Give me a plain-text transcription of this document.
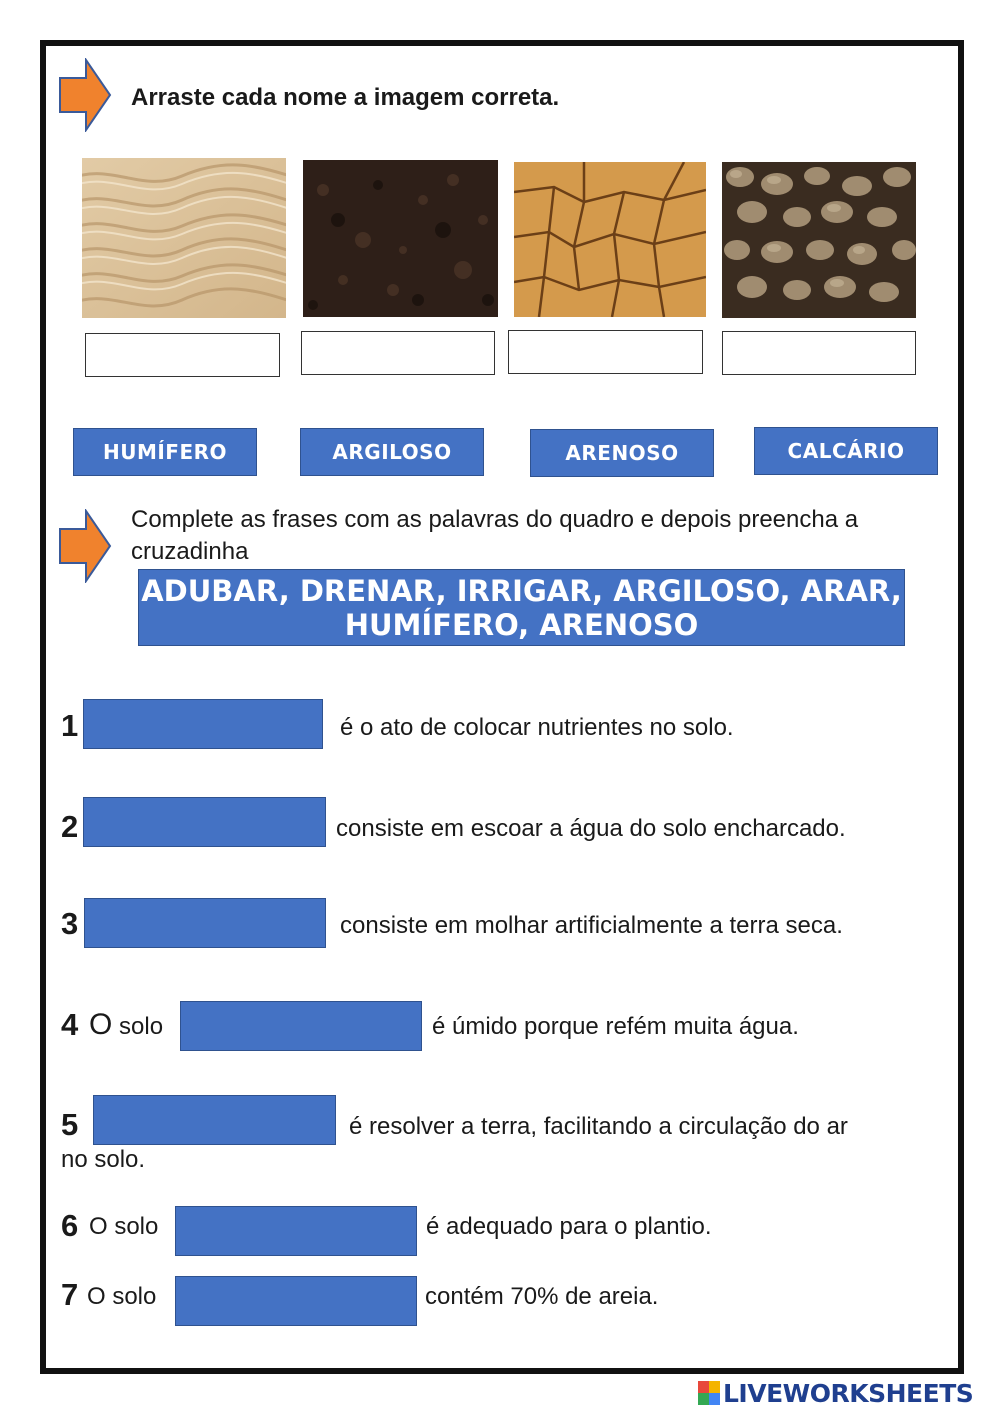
Arraste cada nome a imagem correta.
HUMÍFERO	ARGILOSO	ARENOSO	CALCÁRIO
Complete as frases com as palavras do quadro e depois preencha a cruzadinha
ADUBAR, DRENAR, IRRIGAR, ARGILOSO, ARAR,
HUMÍFERO, ARENOSO
1	é o ato de colocar nutrientes no solo.
2	consiste em escoar a água do solo encharcado.
3	consiste em molhar artificialmente a terra seca.
4 O solo	é úmido porque refém muita água.
5	é resolver a terra, facilitando a circulação do ar
no solo.
6 O solo	é adequado para o plantio.
7 O solo	contém 70% de areia.
LIVEWORKSHEETS
